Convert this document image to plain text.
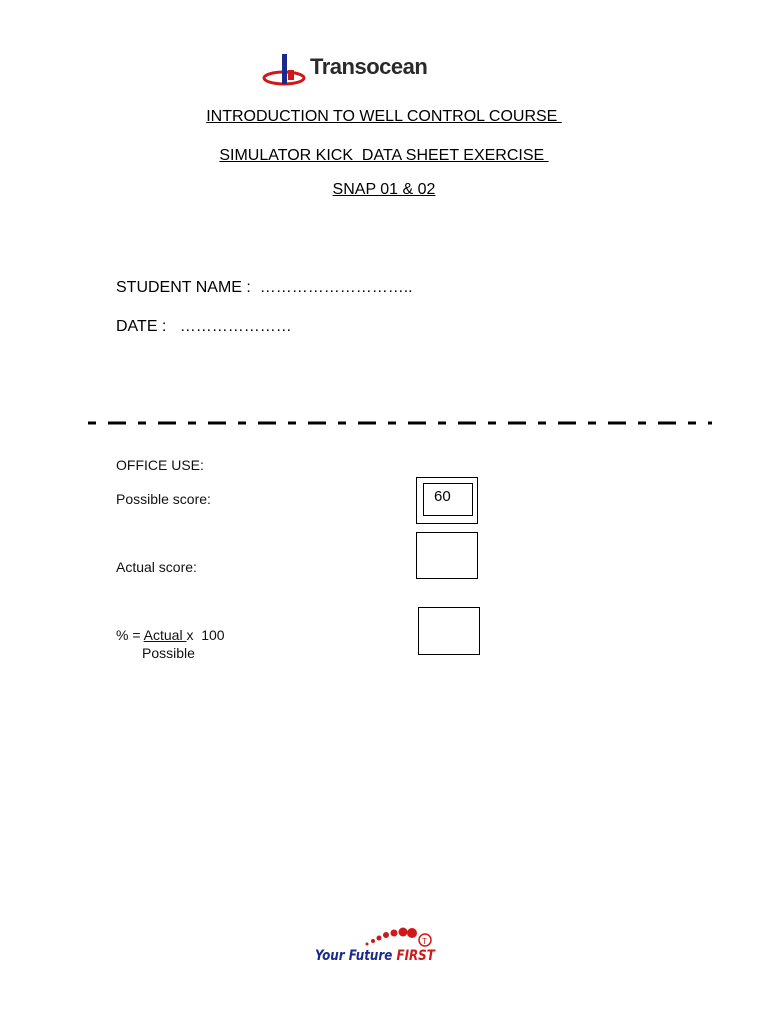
Transocean
INTRODUCTION TO WELL CONTROL COURSE
SIMULATOR KICK  DATA SHEET EXERCISE
SNAP 01 & 02
STUDENT NAME :  ………………………..
DATE :   …………………
OFFICE USE:
Possible score:	60
Actual score:
% = Actual x  100
Possible
T
Your Future FIRST
